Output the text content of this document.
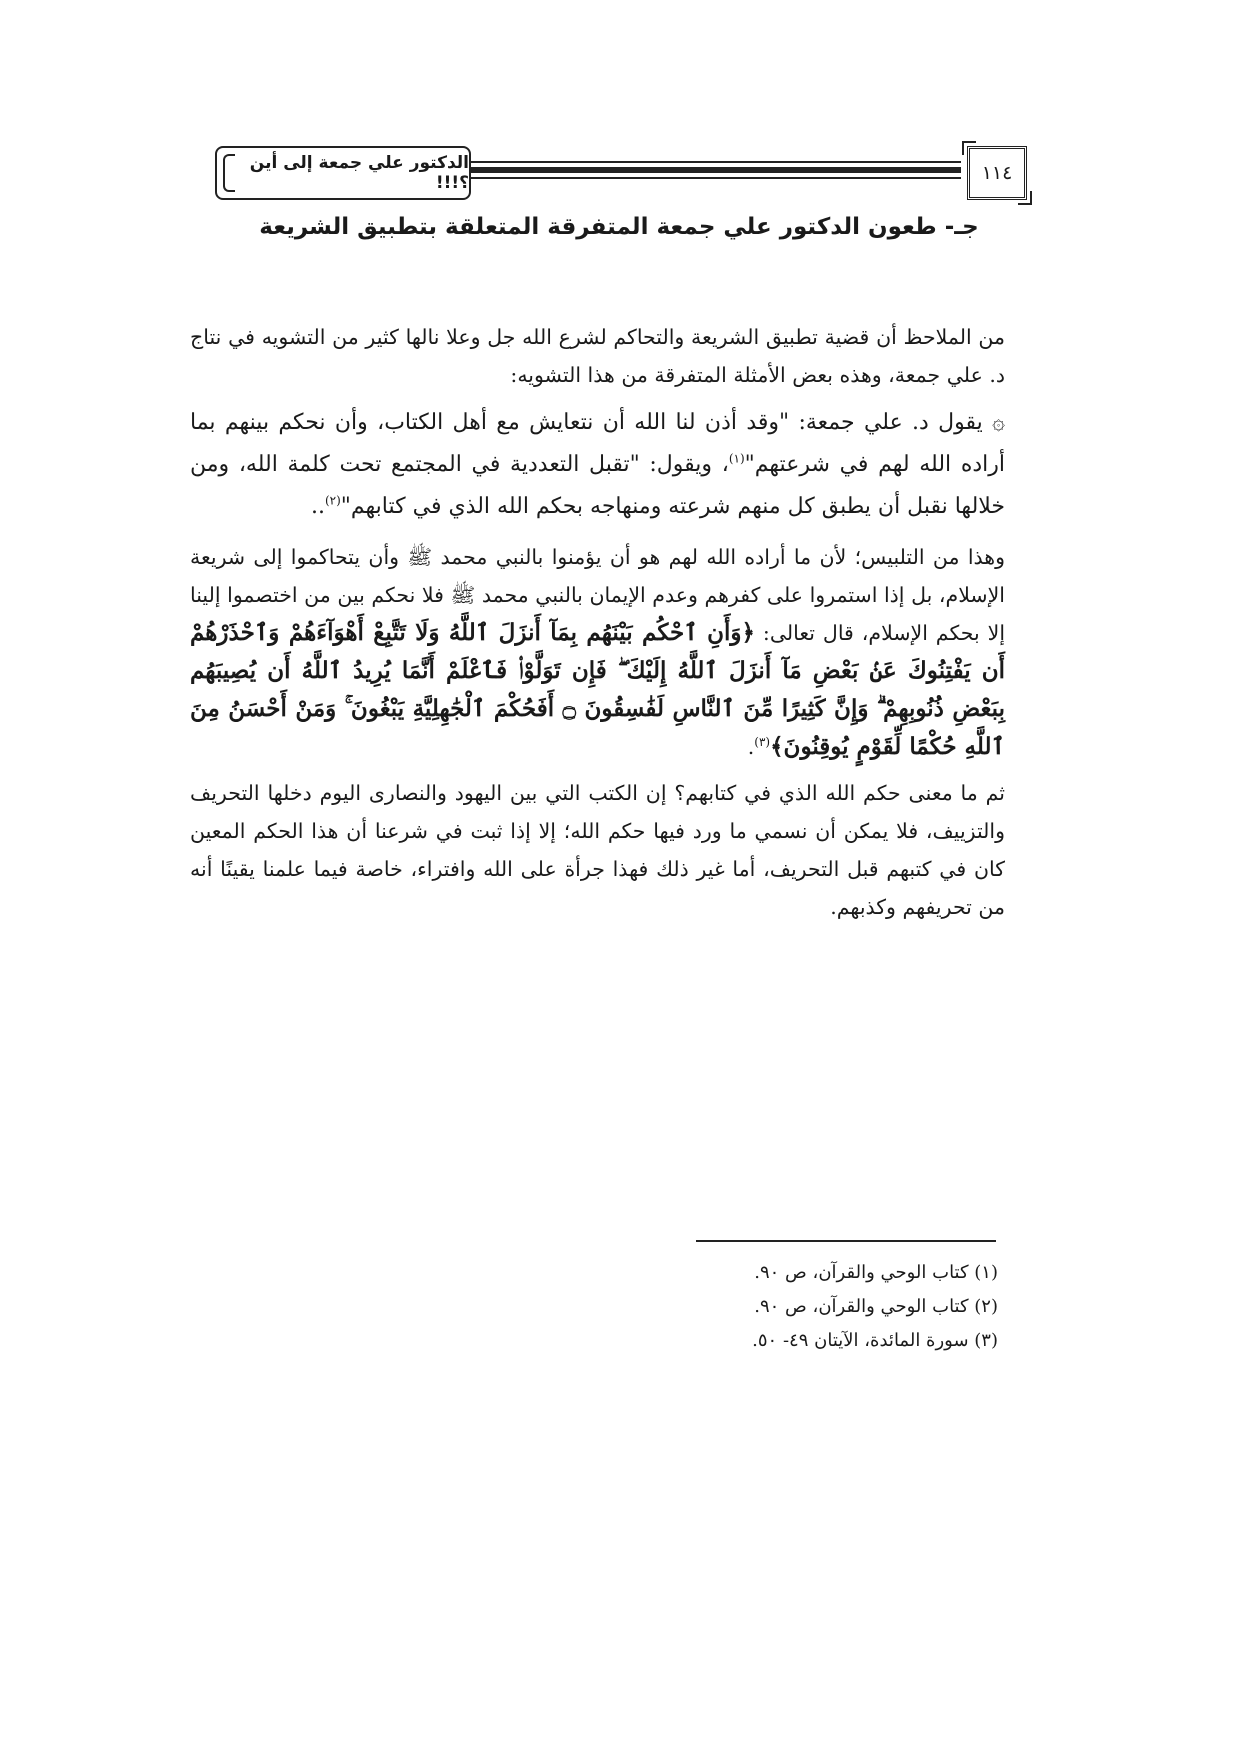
الدكتور علي جمعة إلى أين ؟!!!	١١٤
جـ- طعون الدكتور علي جمعة المتفرقة المتعلقة بتطبيق الشريعة

من الملاحظ أن قضية تطبيق الشريعة والتحاكم لشرع الله جل وعلا نالها كثير من التشويه في نتاج د. علي جمعة، وهذه بعض الأمثلة المتفرقة من هذا التشويه:

۞ يقول د. علي جمعة: "وقد أذن لنا الله أن نتعايش مع أهل الكتاب، وأن نحكم بينهم بما أراده الله لهم في شرعتهم"$^{(١)}$، ويقول: "تقبل التعددية في المجتمع تحت كلمة الله، ومن خلالها نقبل أن يطبق كل منهم شرعته ومنهاجه بحكم الله الذي في كتابهم"$^{(٢)}$..

وهذا من التلبيس؛ لأن ما أراده الله لهم هو أن يؤمنوا بالنبي محمد ﷺ وأن يتحاكموا إلى شريعة الإسلام، بل إذا استمروا على كفرهم وعدم الإيمان بالنبي محمد ﷺ فلا نحكم بين من اختصموا إلينا إلا بحكم الإسلام، قال تعالى: ﴿وَأَنِ ٱحْكُم بَيْنَهُم بِمَآ أَنزَلَ ٱللَّهُ وَلَا تَتَّبِعْ أَهْوَآءَهُمْ وَٱحْذَرْهُمْ أَن يَفْتِنُوكَ عَنۢ بَعْضِ مَآ أَنزَلَ ٱللَّهُ إِلَيْكَ ۖ فَإِن تَوَلَّوْا۟ فَٱعْلَمْ أَنَّمَا يُرِيدُ ٱللَّهُ أَن يُصِيبَهُم بِبَعْضِ ذُنُوبِهِمْ ۗ وَإِنَّ كَثِيرًا مِّنَ ٱلنَّاسِ لَفَٰسِقُونَ ۝ أَفَحُكْمَ ٱلْجَٰهِلِيَّةِ يَبْغُونَ ۚ وَمَنْ أَحْسَنُ مِنَ ٱللَّهِ حُكْمًا لِّقَوْمٍ يُوقِنُونَ﴾$^{(٣)}$.

ثم ما معنى حكم الله الذي في كتابهم؟ إن الكتب التي بين اليهود والنصارى اليوم دخلها التحريف والتزييف، فلا يمكن أن نسمي ما ورد فيها حكم الله؛ إلا إذا ثبت في شرعنا أن هذا الحكم المعين كان في كتبهم قبل التحريف، أما غير ذلك فهذا جرأة على الله وافتراء، خاصة فيما علمنا يقينًا أنه من تحريفهم وكذبهم.

(١) كتاب الوحي والقرآن، ص ٩٠.

(٢) كتاب الوحي والقرآن، ص ٩٠.

(٣) سورة المائدة، الآيتان ٤٩- ٥٠.
